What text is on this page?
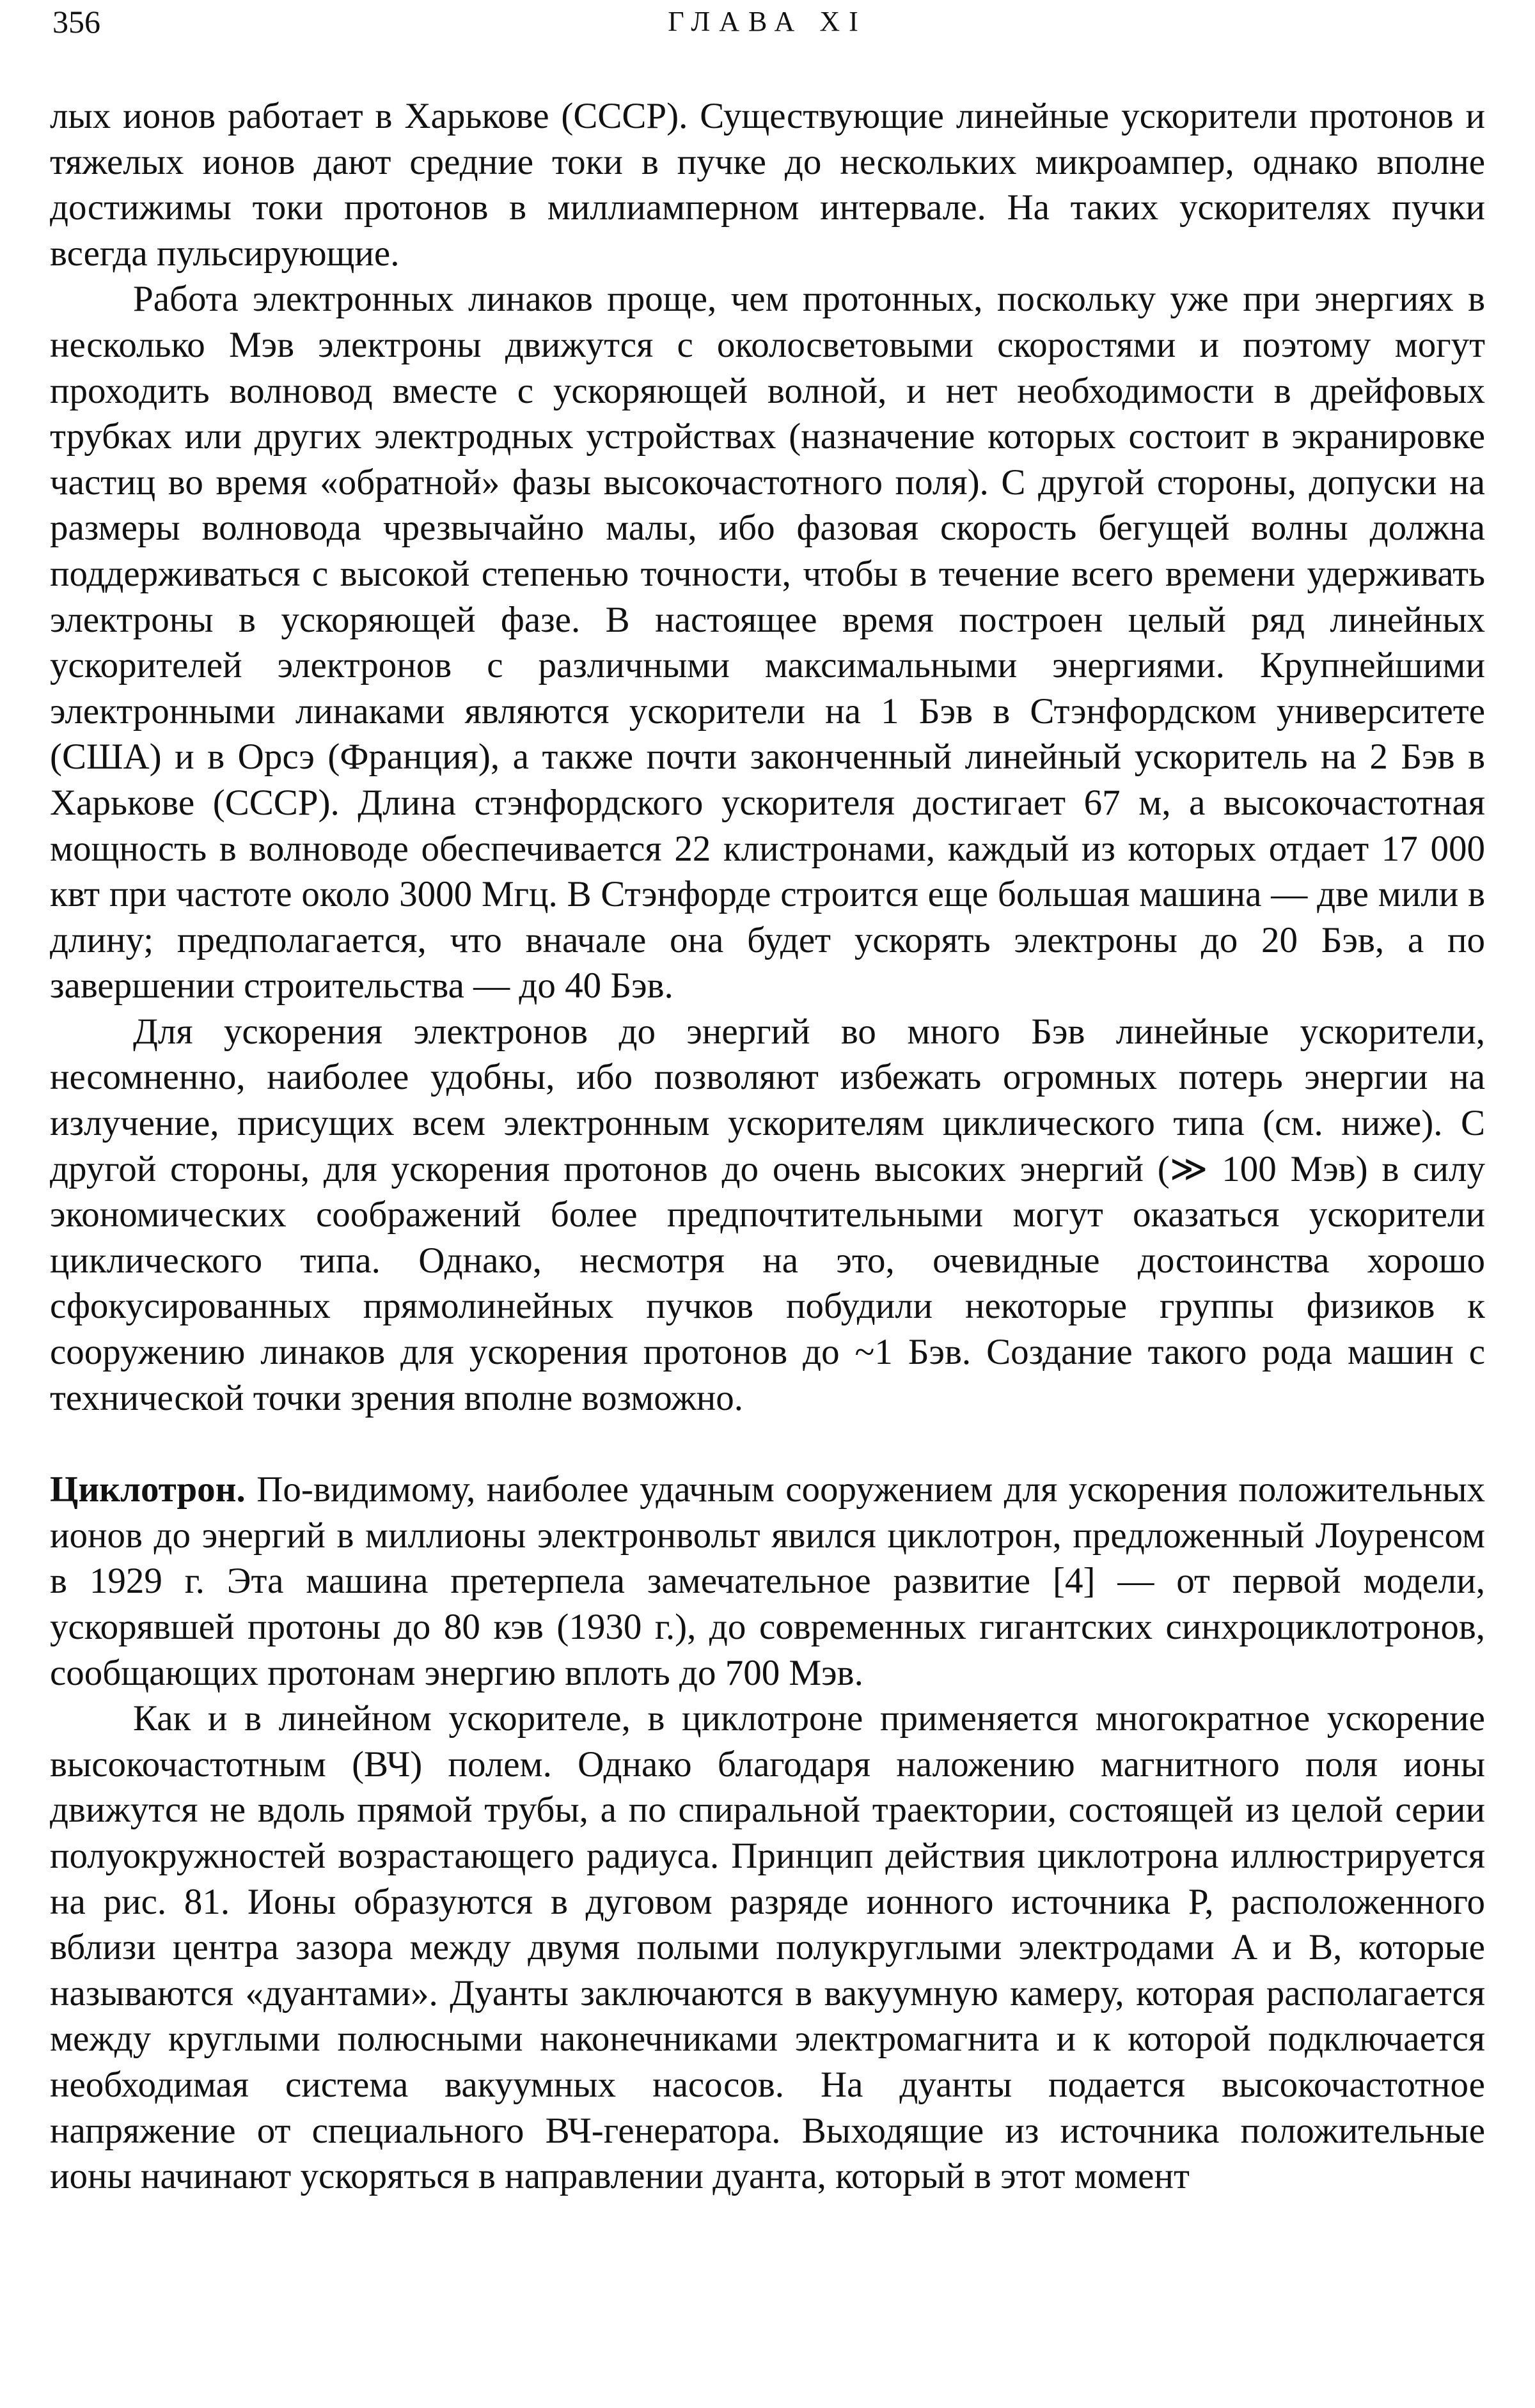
356	ГЛАВА XI

лых ионов работает в Харькове (СССР). Существующие линейные ускорители протонов и тяжелых ионов дают средние токи в пучке до нескольких микроампер, однако вполне достижимы токи протонов в миллиамперном интервале. На таких ускорителях пучки всегда пульсирующие.

Работа электронных линаков проще, чем протонных, поскольку уже при энергиях в несколько Мэв электроны движутся с околосветовыми скоростями и поэтому могут проходить волновод вместе с ускоряющей волной, и нет необходимости в дрейфовых трубках или других электродных устройствах (назначение которых состоит в экранировке частиц во время «обратной» фазы высокочастотного поля). С другой стороны, допуски на размеры волновода чрезвычайно малы, ибо фазовая скорость бегущей волны должна поддерживаться с высокой степенью точности, чтобы в течение всего времени удерживать электроны в ускоряющей фазе. В настоящее время построен целый ряд линейных ускорителей электронов с различными максимальными энергиями. Крупнейшими электронными линаками являются ускорители на 1 Бэв в Стэнфордском университете (США) и в Орсэ (Франция), а также почти законченный линейный ускоритель на 2 Бэв в Харькове (СССР). Длина стэнфордского ускорителя достигает 67 м, а высокочастотная мощность в волноводе обеспечивается 22 клистронами, каждый из которых отдает 17 000 квт при частоте около 3000 Мгц. В Стэнфорде строится еще большая машина — две мили в длину; предполагается, что вначале она будет ускорять электроны до 20 Бэв, а по завершении строительства — до 40 Бэв.

Для ускорения электронов до энергий во много Бэв линейные ускорители, несомненно, наиболее удобны, ибо позволяют избежать огромных потерь энергии на излучение, присущих всем электронным ускорителям циклического типа (см. ниже). С другой стороны, для ускорения протонов до очень высоких энергий (≫ 100 Мэв) в силу экономических соображений более предпочтительными могут оказаться ускорители циклического типа. Однако, несмотря на это, очевидные достоинства хорошо сфокусированных прямолинейных пучков побудили некоторые группы физиков к сооружению линаков для ускорения протонов до ~1 Бэв. Создание такого рода машин с технической точки зрения вполне возможно.

Циклотрон. По-видимому, наиболее удачным сооружением для ускорения положительных ионов до энергий в миллионы электронвольт явился циклотрон, предложенный Лоуренсом в 1929 г. Эта машина претерпела замечательное развитие [4] — от первой модели, ускорявшей протоны до 80 кэв (1930 г.), до современных гигантских синхроциклотронов, сообщающих протонам энергию вплоть до 700 Мэв.

Как и в линейном ускорителе, в циклотроне применяется многократное ускорение высокочастотным (ВЧ) полем. Однако благодаря наложению магнитного поля ионы движутся не вдоль прямой трубы, а по спиральной траектории, состоящей из целой серии полуокружностей возрастающего радиуса. Принцип действия циклотрона иллюстрируется на рис. 81. Ионы образуются в дуговом разряде ионного источника P, расположенного вблизи центра зазора между двумя полыми полукруглыми электродами A и B, которые называются «дуантами». Дуанты заключаются в вакуумную камеру, которая располагается между круглыми полюсными наконечниками электромагнита и к которой подключается необходимая система вакуумных насосов. На дуанты подается высокочастотное напряжение от специального ВЧ-генератора. Выходящие из источника положительные ионы начинают ускоряться в направлении дуанта, который в этот момент
